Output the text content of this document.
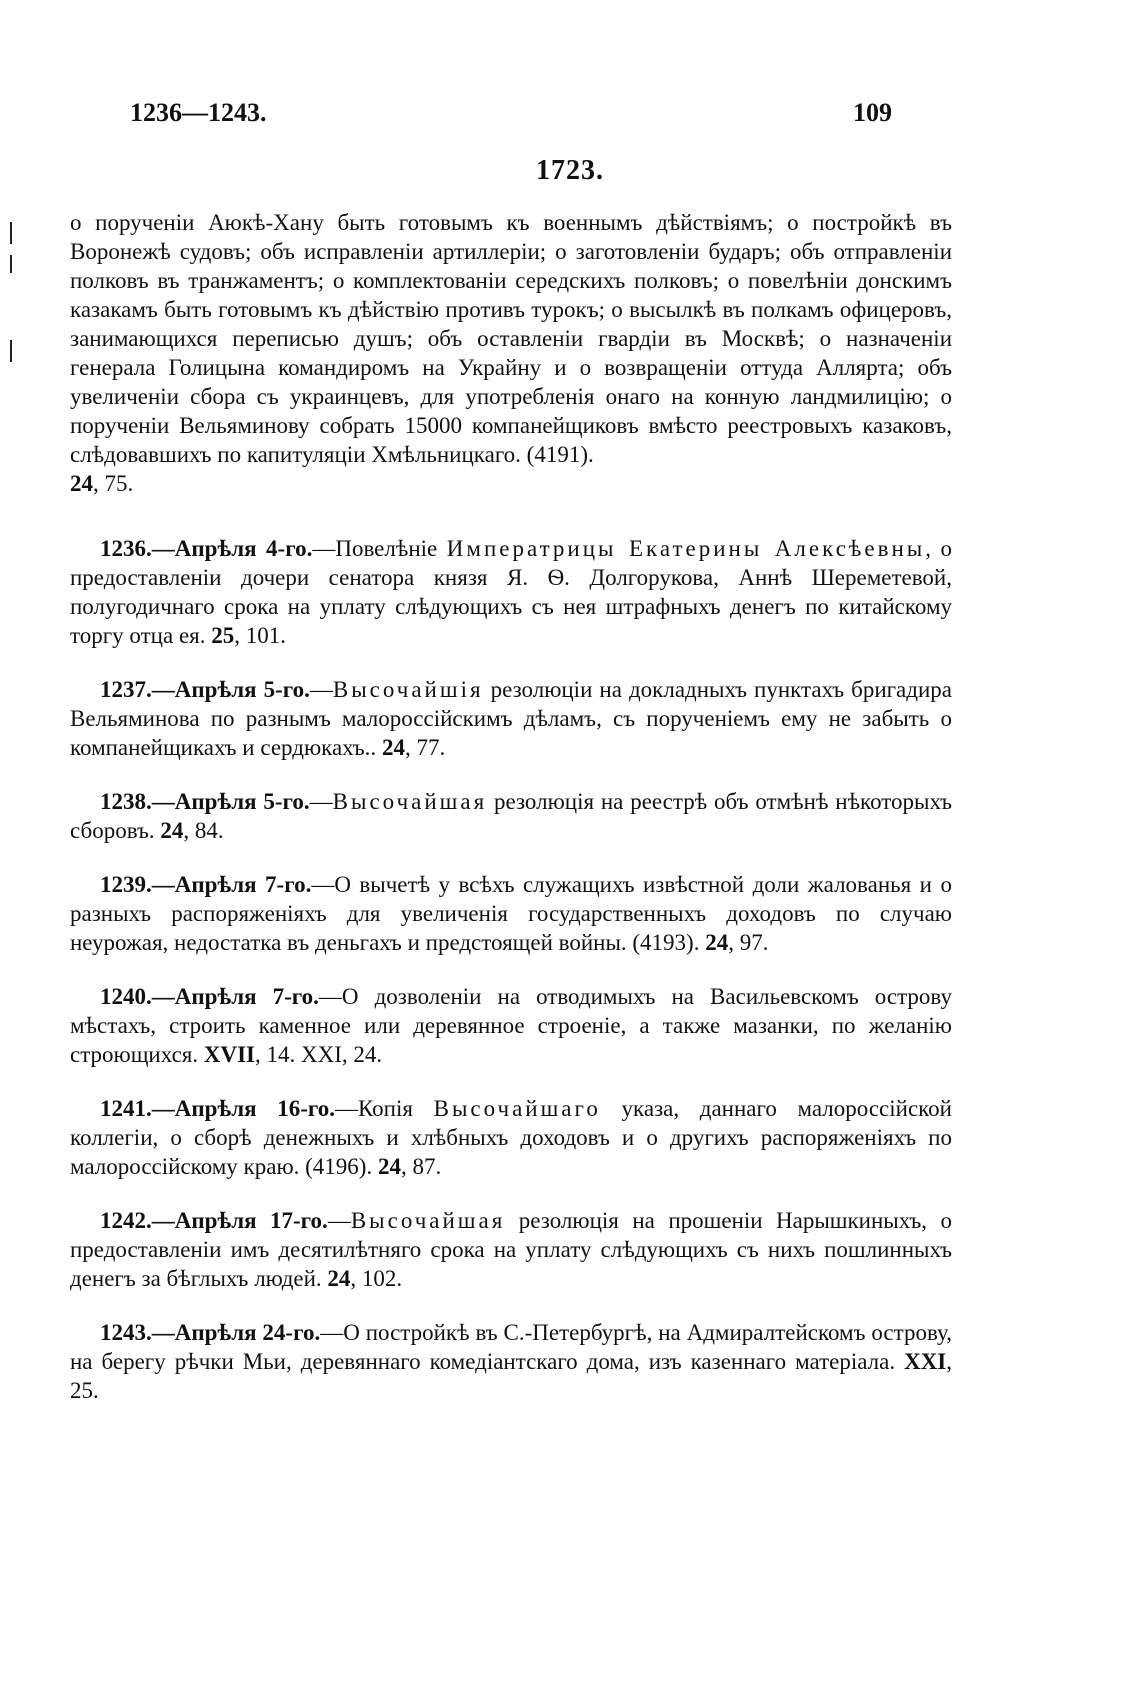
1236—1243.	109
1723.

о порученіи Аюкѣ-Хану быть готовымъ къ военнымъ дѣйствіямъ; о постройкѣ въ Воронежѣ судовъ; объ исправленіи артиллеріи; о заготовленіи бударъ; объ отправленіи полковъ въ транжаментъ; о комплектованіи середскихъ полковъ; о повелѣніи донскимъ казакамъ быть готовымъ къ дѣйствію противъ турокъ; о высылкѣ въ полкамъ офицеровъ, занимающихся переписью душъ; объ оставленіи гвардіи въ Москвѣ; о назначеніи генерала Голицына командиромъ на Украйну и о возвращеніи оттуда Аллярта; объ увеличеніи сбора съ украинцевъ, для употребленія онаго на конную ландмилицію; о порученіи Вельяминову собрать 15000 компанейщиковъ вмѣсто реестровыхъ казаковъ, слѣдовавшихъ по капитуляціи Хмѣльницкаго. (4191).
24, 75.

1236.—Апрѣля 4-го.—Повелѣніе Императрицы Екатерины Алексѣевны, о предоставленіи дочери сенатора князя Я. Ѳ. Долгорукова, Аннѣ Шереметевой, полугодичнаго срока на уплату слѣдующихъ съ нея штрафныхъ денегъ по китайскому торгу отца ея. 25, 101.

1237.—Апрѣля 5-го.—Высочайшія резолюціи на докладныхъ пунктахъ бригадира Вельяминова по разнымъ малороссійскимъ дѣламъ, съ порученіемъ ему не забыть о компанейщикахъ и сердюкахъ.. 24, 77.

1238.—Апрѣля 5-го.—Высочайшая резолюція на реестрѣ объ отмѣнѣ нѣкоторыхъ сборовъ. 24, 84.

1239.—Апрѣля 7-го.—О вычетѣ у всѣхъ служащихъ извѣстной доли жалованья и о разныхъ распоряженіяхъ для увеличенія государственныхъ доходовъ по случаю неурожая, недостатка въ деньгахъ и предстоящей войны. (4193). 24, 97.

1240.—Апрѣля 7-го.—О дозволеніи на отводимыхъ на Васильевскомъ острову мѣстахъ, строить каменное или деревянное строеніе, а также мазанки, по желанію строющихся. XVII, 14. XXI, 24.

1241.—Апрѣля 16-го.—Копія Высочайшаго указа, даннаго малороссійской коллегіи, о сборѣ денежныхъ и хлѣбныхъ доходовъ и о другихъ распоряженіяхъ по малороссійскому краю. (4196). 24, 87.

1242.—Апрѣля 17-го.—Высочайшая резолюція на прошеніи Нарышкиныхъ, о предоставленіи имъ десятилѣтняго срока на уплату слѣдующихъ съ нихъ пошлинныхъ денегъ за бѣглыхъ людей. 24, 102.

1243.—Апрѣля 24-го.—О постройкѣ въ С.-Петербургѣ, на Адмиралтейскомъ острову, на берегу рѣчки Мьи, деревяннаго комедіантскаго дома, изъ казеннаго матеріала. XXI, 25.
